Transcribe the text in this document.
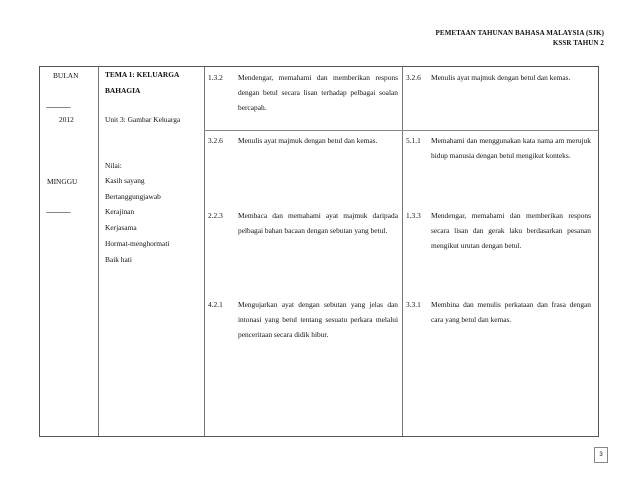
PEMETAAN TAHUNAN BAHASA MALAYSIA (SJK)
KSSR TAHUN 2
BULAN
------------------
2012
MINGGU
------------------
TEMA 1: KELUARGA
BAHAGIA
Unit 3: Gambar Keluarga
Nilai:
Kasih sayang
Bertanggungjawab
Kerajinan
Kerjasama
Hormat-menghormati
Baik hati
1.3.2 Mendengar, memahami dan memberikan respons dengan betul secara lisan terhadap pelbagai soalan bercapah.
3.2.6 Menulis ayat majmuk dengan betul dan kemas.
2.2.3 Membaca dan memahami ayat majmuk daripada pelbagai bahan bacaan dengan sebutan yang betul.
4.2.1 Mengujarkan ayat dengan sebutan yang jelas dan intonasi yang betul tentang sesuatu perkara melalui penceritaan secara didik hibur.
3.2.6 Menulis ayat majmuk dengan betul dan kemas.
5.1.1 Memahami dan menggunakan kata nama am merujuk hidup manusia dengan betul mengikut konteks.
1.3.3 Mendengar, memahami dan memberikan respons secara lisan dan gerak laku berdasarkan pesanan mengikut urutan dengan betul.
3.3.1 Membina dan menulis perkataan dan frasa dengan cara yang betul dan kemas.
3
